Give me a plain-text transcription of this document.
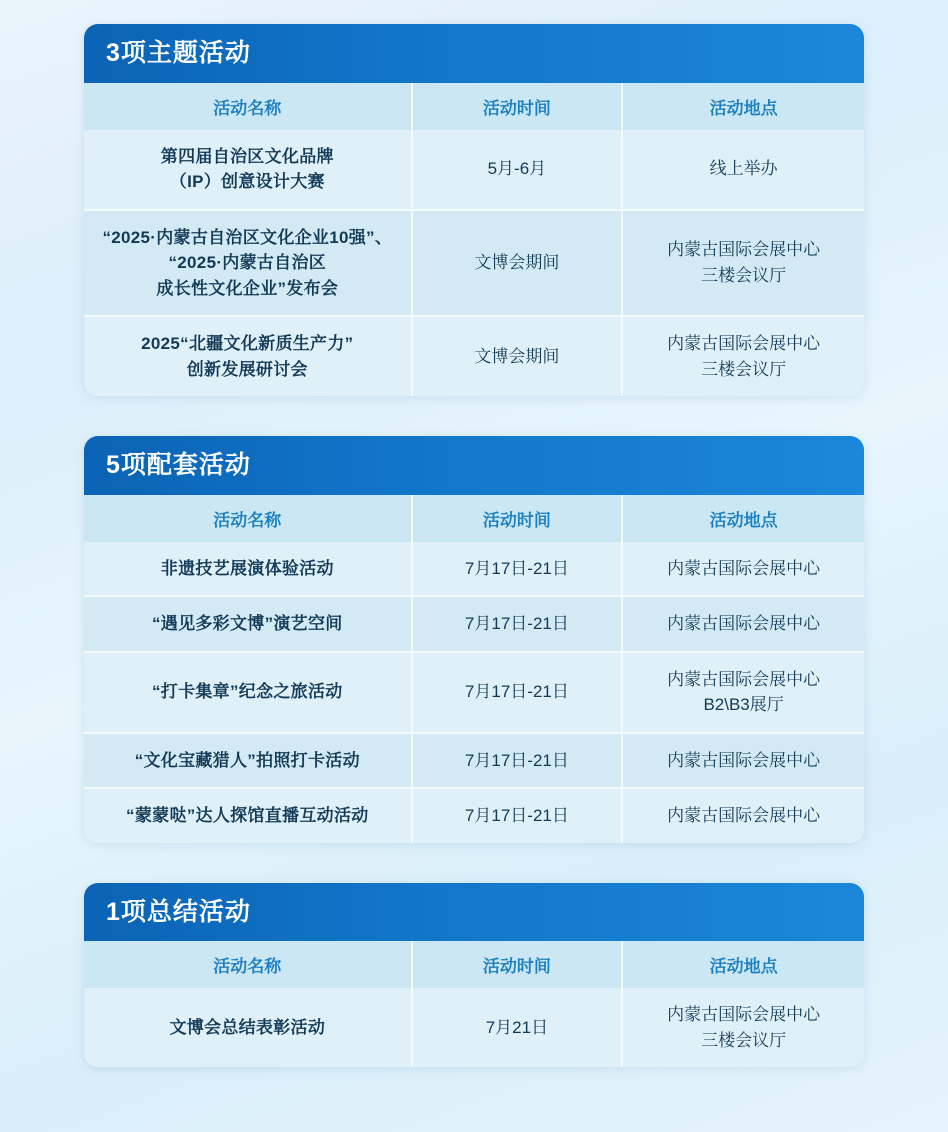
3项主题活动
活动名称	活动时间	活动地点

第四届自治区文化品牌
（IP）创意设计大赛	5月-6月	线上举办

“2025·内蒙古自治区文化企业10强”、
“2025·内蒙古自治区
成长性文化企业”发布会	文博会期间	内蒙古国际会展中心
三楼会议厅

2025“北疆文化新质生产力”
创新发展研讨会	文博会期间	内蒙古国际会展中心
三楼会议厅
5项配套活动
活动名称	活动时间	活动地点

非遗技艺展演体验活动	7月17日-21日	内蒙古国际会展中心

“遇见多彩文博”演艺空间	7月17日-21日	内蒙古国际会展中心

“打卡集章”纪念之旅活动	7月17日-21日	内蒙古国际会展中心
B2\B3展厅

“文化宝藏猎人”拍照打卡活动	7月17日-21日	内蒙古国际会展中心

“蒙蒙哒”达人探馆直播互动活动	7月17日-21日	内蒙古国际会展中心
1项总结活动
活动名称	活动时间	活动地点

文博会总结表彰活动	7月21日	内蒙古国际会展中心
三楼会议厅
